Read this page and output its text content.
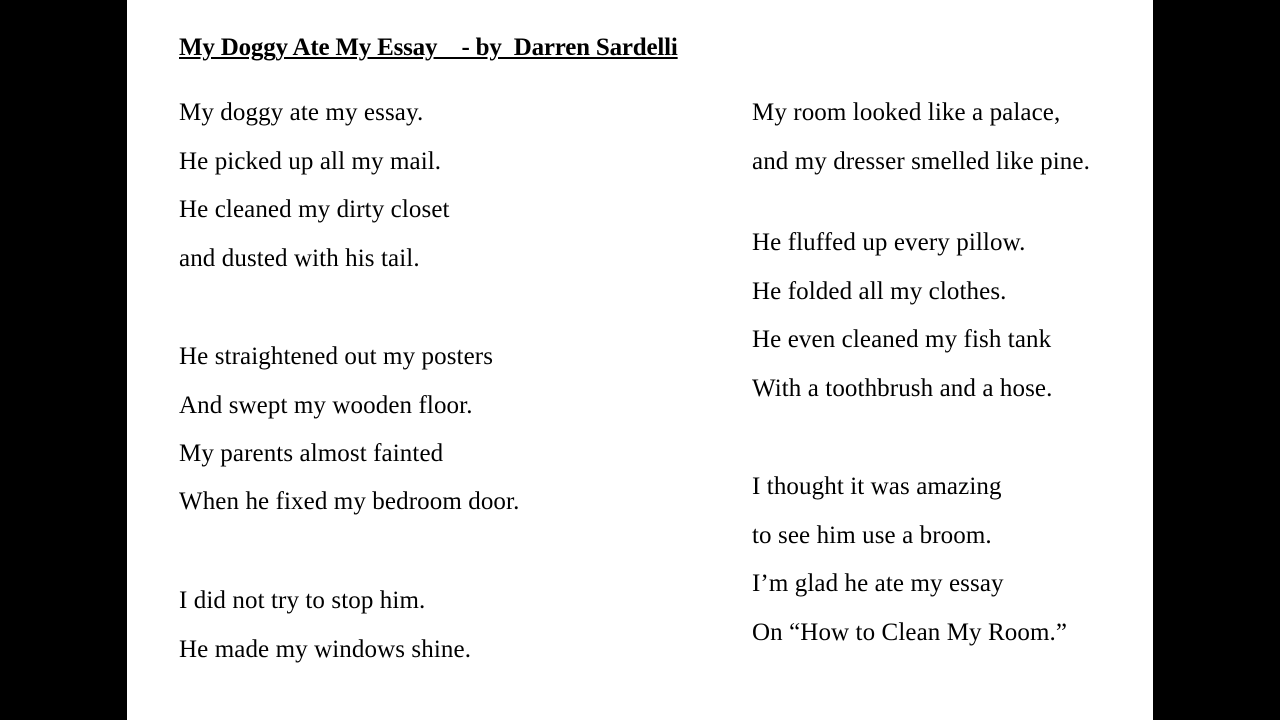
My Doggy Ate My Essay    - by  Darren Sardelli
My doggy ate my essay.
He picked up all my mail.
He cleaned my dirty closet
and dusted with his tail.
He straightened out my posters
And swept my wooden floor.
My parents almost fainted
When he fixed my bedroom door.
I did not try to stop him.
He made my windows shine.
My room looked like a palace,
and my dresser smelled like pine.
He fluffed up every pillow.
He folded all my clothes.
He even cleaned my fish tank
With a toothbrush and a hose.
I thought it was amazing
to see him use a broom.
I’m glad he ate my essay
On “How to Clean My Room.”
